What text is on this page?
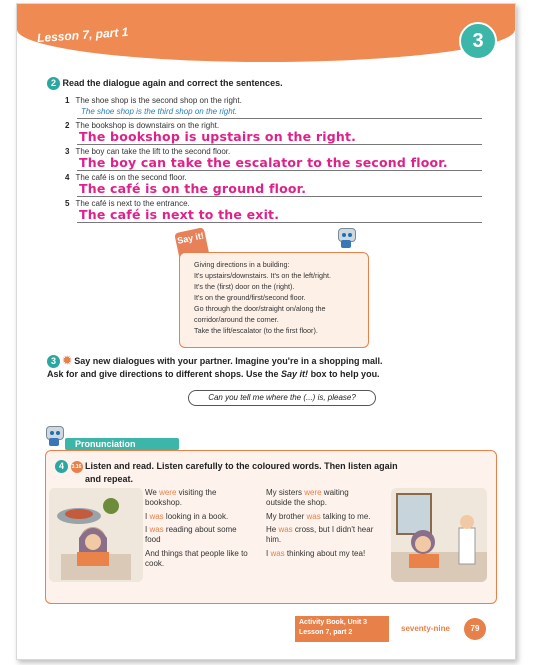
Lesson 7, part 1	3
2 Read the dialogue again and correct the sentences.
1 The shoe shop is the second shop on the right.
The shoe shop is the third shop on the right.
2 The bookshop is downstairs on the right.
The bookshop is upstairs on the right.
3 The boy can take the lift to the second floor.
The boy can take the escalator to the second floor.
4 The café is on the second floor.
The café is on the ground floor.
5 The café is next to the entrance.
The café is next to the exit.
Say it!
Giving directions in a building:
It's upstairs/downstairs. It's on the left/right.
It's the (first) door on the (right).
It's on the ground/first/second floor.
Go through the door/straight on/along the
corridor/around the corner.
Take the lift/escalator (to the first floor).
3 ✹ Say new dialogues with your partner. Imagine you're in a shopping mall.
Ask for and give directions to different shops. Use the Say it! box to help you.
Can you tell me where the (...) is, please?
Pronunciation
4 3.16 Listen and read. Listen carefully to the coloured words. Then listen again
and repeat.

We were visiting the bookshop.

I was looking in a book.

I was reading about some food

And things that people like to cook.

My sisters were waiting outside the shop.

My brother was talking to me.

He was cross, but I didn't hear him.

I was thinking about my tea!

Activity Book, Unit 3
Lesson 7, part 2	seventy-nine	79
